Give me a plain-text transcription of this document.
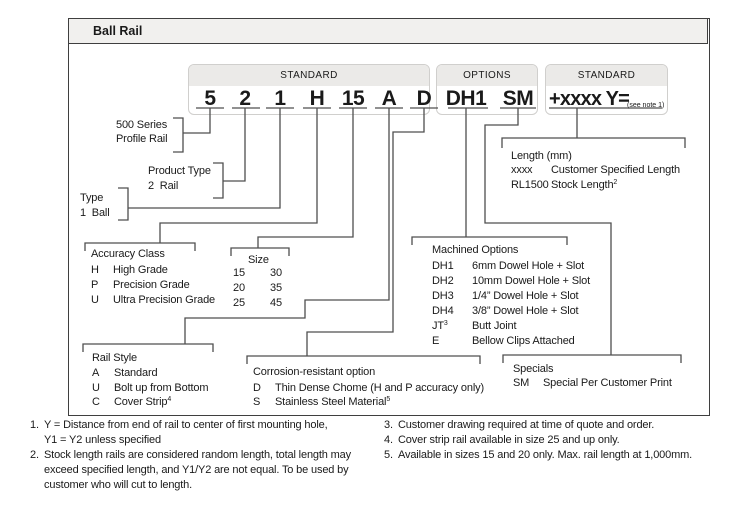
Ball Rail
STANDARD	OPTIONS	STANDARD
5 2 1 H 15 A D DH1 SM +xxxx Y=
(see note 1)
500 Series
Profile Rail
Product Type
2  Rail
Type
1  Ball
Accuracy Class
H High Grade
P Precision Grade
U Ultra Precision Grade
Size
15 30
20 35
25 45
Machined Options
DH1 6mm Dowel Hole + Slot
DH2 10mm Dowel Hole + Slot
DH3 1/4” Dowel Hole + Slot
DH4 3/8” Dowel Hole + Slot
$JT^3$ Butt Joint
E	Bellow Clips Attached
Rail Style
A Standard
U Bolt up from Bottom
C Cover Strip$^4$
Corrosion-resistant option
D Thin Dense Chome (H and P accuracy only)
S Stainless Steel Material$^5$
Specials
SM Special Per Customer Print
Length (mm)
xxxx Customer Specified Length
RL1500 Stock Length$^2$
1. Y = Distance from end of rail to center of first mounting hole,
Y1 = Y2 unless specified
2. Stock length rails are considered random length, total length may
exceed specified length, and Y1/Y2 are not equal. To be used by
customer who will cut to length.
3. Customer drawing required at time of quote and order.
4. Cover strip rail available in size 25 and up only.
5. Available in sizes 15 and 20 only. Max. rail length at 1,000mm.
